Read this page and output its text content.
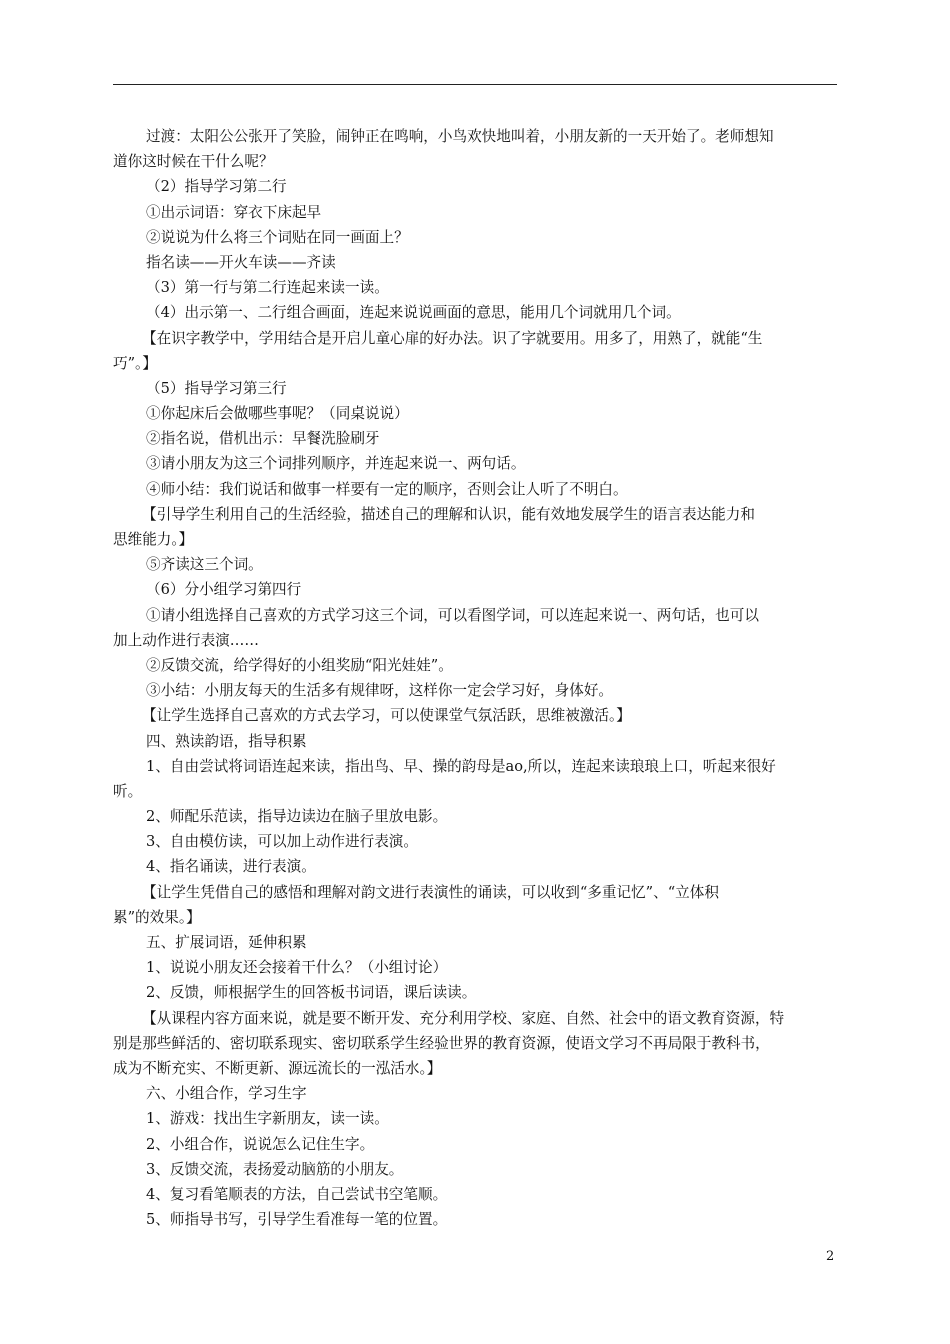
过渡：太阳公公张开了笑脸，闹钟正在鸣响，小鸟欢快地叫着，小朋友新的一天开始了。老师想知
道你这时候在干什么呢？
（2）指导学习第二行
①出示词语：穿衣下床起早
②说说为什么将三个词贴在同一画面上？
指名读——开火车读——齐读
（3）第一行与第二行连起来读一读。
（4）出示第一、二行组合画面，连起来说说画面的意思，能用几个词就用几个词。
【在识字教学中，学用结合是开启儿童心扉的好办法。识了字就要用。用多了，用熟了，就能“生
巧”。】
（5）指导学习第三行
①你起床后会做哪些事呢？（同桌说说）
②指名说，借机出示：早餐洗脸刷牙
③请小朋友为这三个词排列顺序，并连起来说一、两句话。
④师小结：我们说话和做事一样要有一定的顺序，否则会让人听了不明白。
【引导学生利用自己的生活经验，描述自己的理解和认识，能有效地发展学生的语言表达能力和
思维能力。】
⑤齐读这三个词。
（6）分小组学习第四行
①请小组选择自己喜欢的方式学习这三个词，可以看图学词，可以连起来说一、两句话，也可以
加上动作进行表演……
②反馈交流，给学得好的小组奖励“阳光娃娃”。
③小结：小朋友每天的生活多有规律呀，这样你一定会学习好，身体好。
【让学生选择自己喜欢的方式去学习，可以使课堂气氛活跃，思维被激活。】
四、熟读韵语，指导积累
1、自由尝试将词语连起来读，指出鸟、早、操的韵母是ao,所以，连起来读琅琅上口，听起来很好
听。
2、师配乐范读，指导边读边在脑子里放电影。
3、自由模仿读，可以加上动作进行表演。
4、指名诵读，进行表演。
【让学生凭借自己的感悟和理解对韵文进行表演性的诵读，可以收到“多重记忆”、“立体积
累”的效果。】
五、扩展词语，延伸积累
1、说说小朋友还会接着干什么？（小组讨论）
2、反馈，师根据学生的回答板书词语，课后读读。
【从课程内容方面来说，就是要不断开发、充分利用学校、家庭、自然、社会中的语文教育资源，特
别是那些鲜活的、密切联系现实、密切联系学生经验世界的教育资源，使语文学习不再局限于教科书，
成为不断充实、不断更新、源远流长的一泓活水。】
六、小组合作，学习生字
1、游戏：找出生字新朋友，读一读。
2、小组合作，说说怎么记住生字。
3、反馈交流，表扬爱动脑筋的小朋友。
4、复习看笔顺表的方法，自己尝试书空笔顺。
5、师指导书写，引导学生看准每一笔的位置。
2
